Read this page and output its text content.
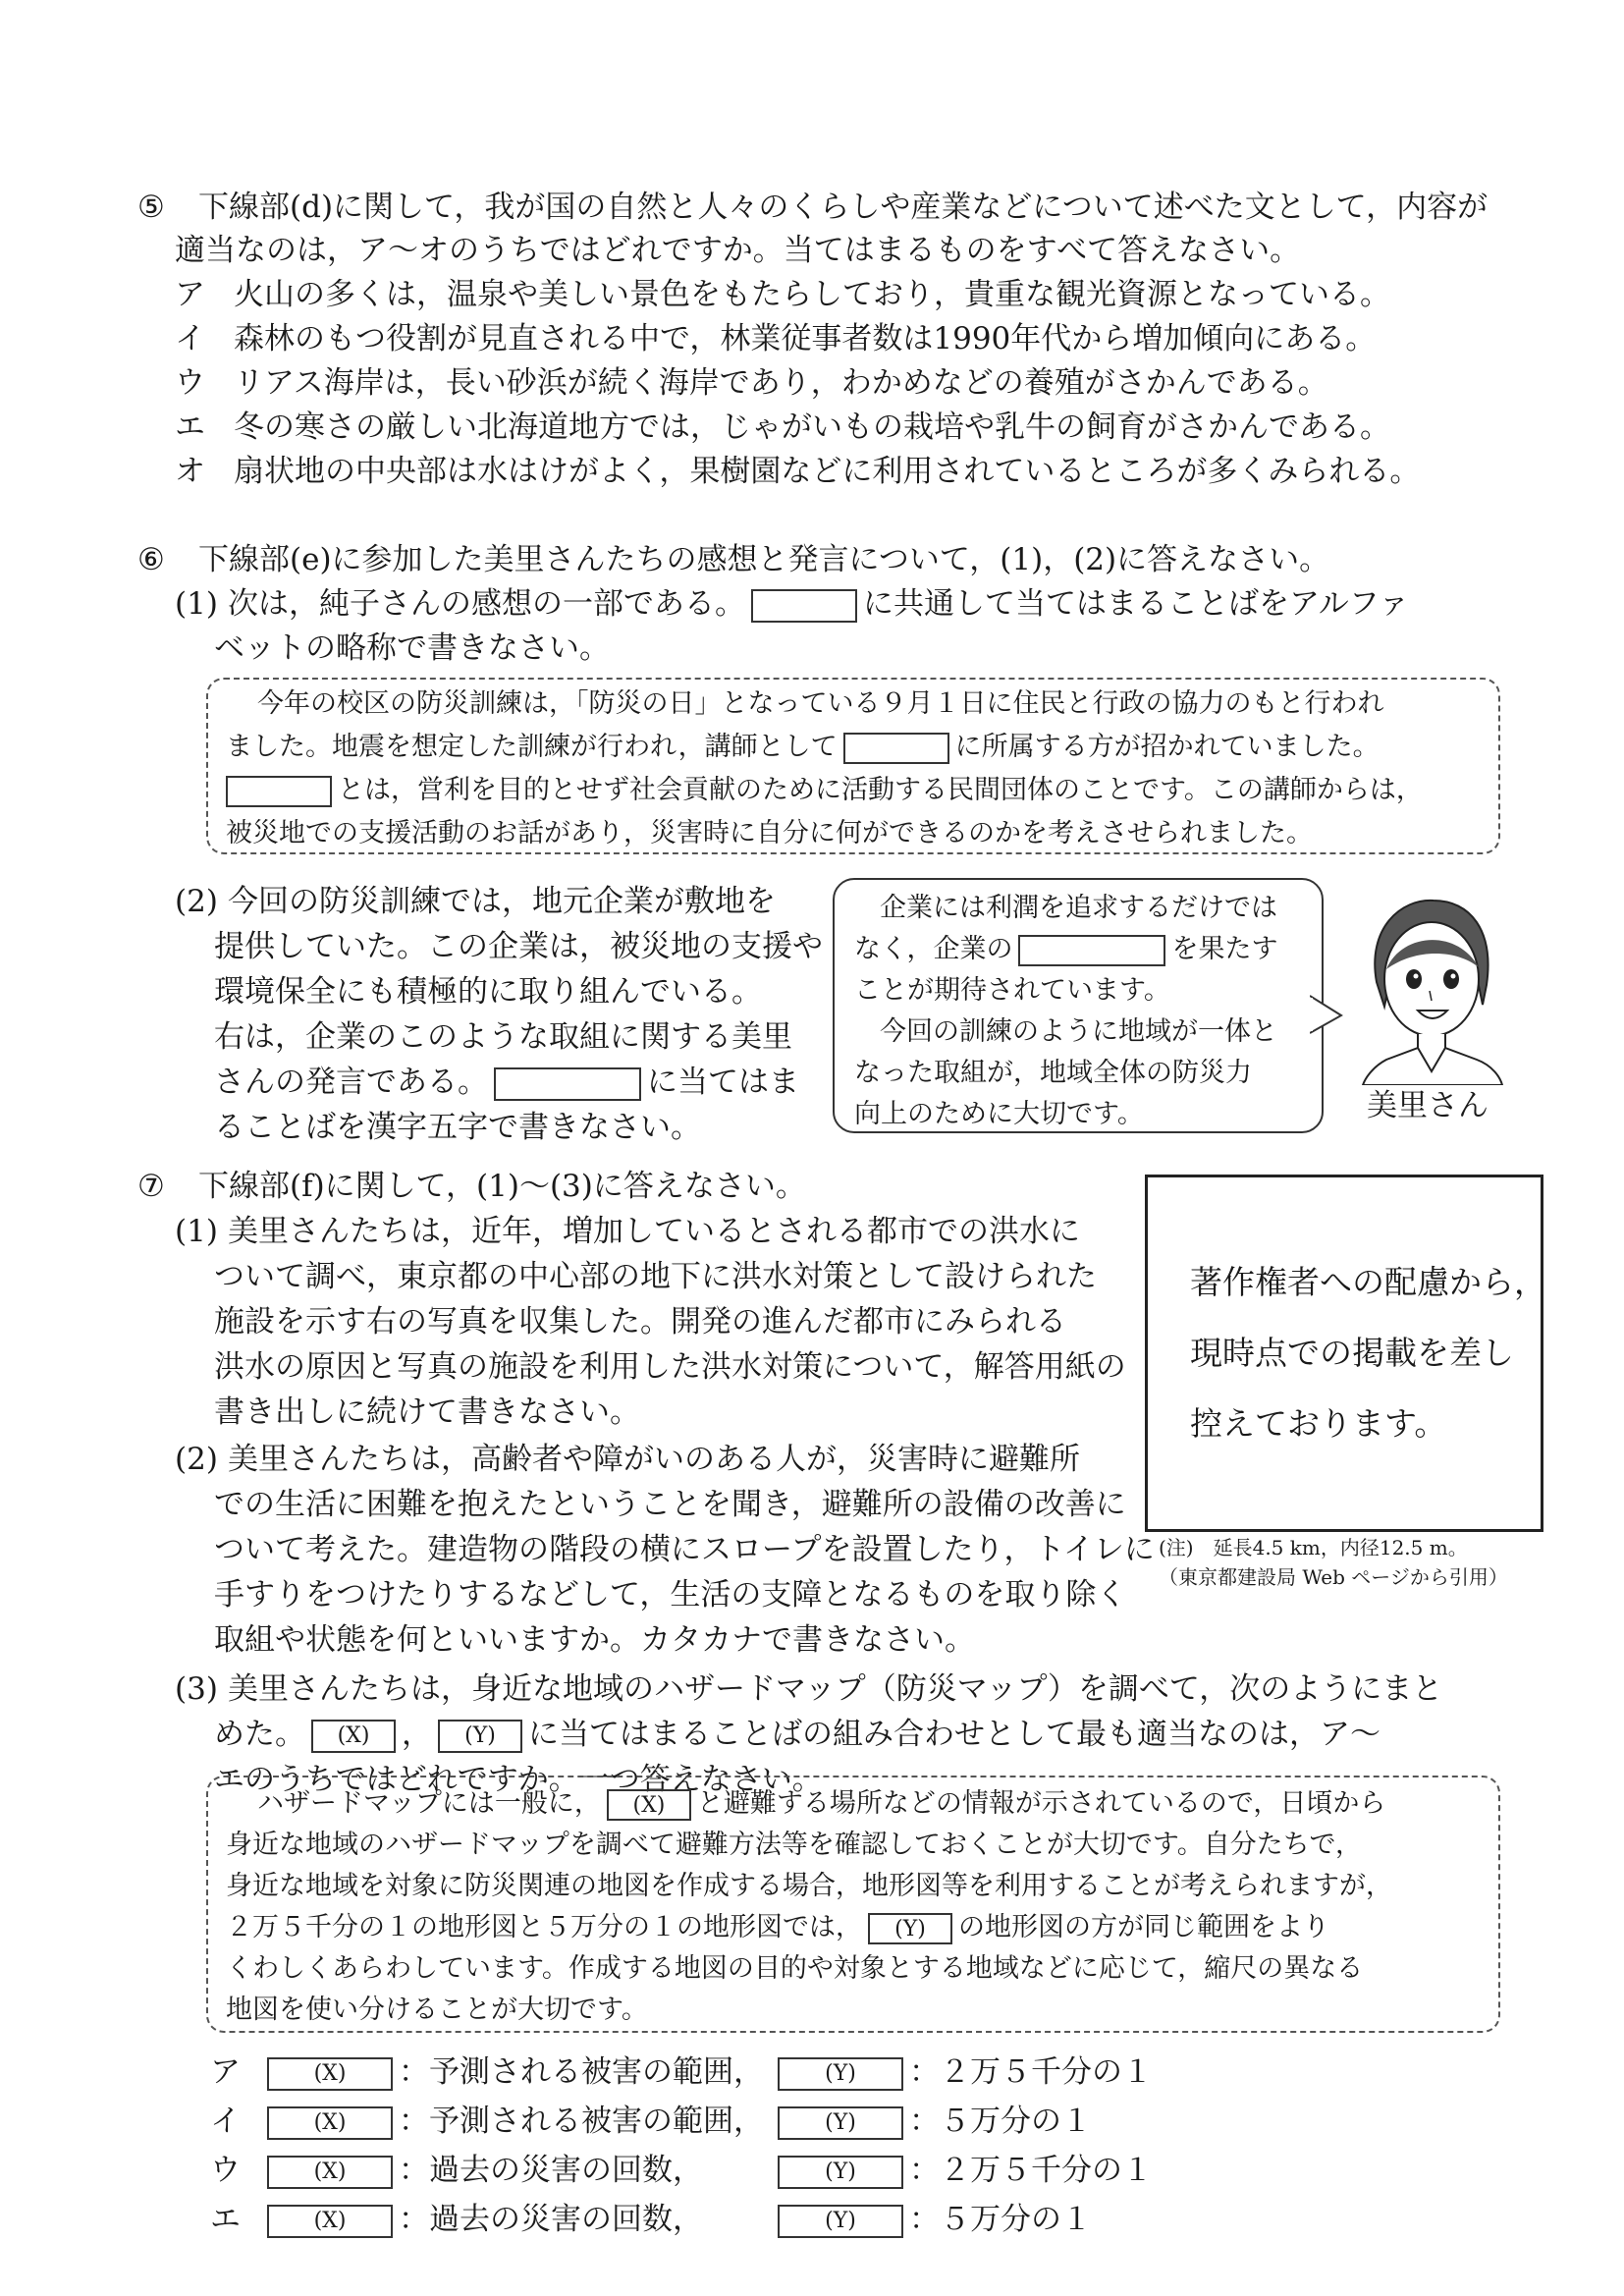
⑤ 下線部(d)に関して，我が国の自然と人々のくらしや産業などについて述べた文として，内容が
適当なのは，ア～オのうちではどれですか。当てはまるものをすべて答えなさい。
ア 火山の多くは，温泉や美しい景色をもたらしており，貴重な観光資源となっている。
イ 森林のもつ役割が見直される中で，林業従事者数は1990年代から増加傾向にある。
ウ リアス海岸は，長い砂浜が続く海岸であり，わかめなどの養殖がさかんである。
エ 冬の寒さの厳しい北海道地方では，じゃがいもの栽培や乳牛の飼育がさかんである。
オ 扇状地の中央部は水はけがよく，果樹園などに利用されているところが多くみられる。
⑥ 下線部(e)に参加した美里さんたちの感想と発言について，(1)，(2)に答えなさい。
(1) 次は，純子さんの感想の一部である。	に共通して当てはまることばをアルファ
ベットの略称で書きなさい。
今年の校区の防災訓練は，「防災の日」となっている９月１日に住民と行政の協力のもと行われ
ました。地震を想定した訓練が行われ，講師として	に所属する方が招かれていました。
とは，営利を目的とせず社会貢献のために活動する民間団体のことです。この講師からは，
被災地での支援活動のお話があり，災害時に自分に何ができるのかを考えさせられました。
(2) 今回の防災訓練では，地元企業が敷地を
提供していた。この企業は，被災地の支援や
環境保全にも積極的に取り組んでいる。
右は，企業のこのような取組に関する美里
さんの発言である。	に当てはま
ることばを漢字五字で書きなさい。
企業には利潤を追求するだけでは
なく，企業の	を果たす
ことが期待されています。
今回の訓練のように地域が一体と
なった取組が，地域全体の防災力
向上のために大切です。	美里さん
⑦ 下線部(f)に関して，(1)～(3)に答えなさい。
(1) 美里さんたちは，近年，増加しているとされる都市での洪水に
ついて調べ，東京都の中心部の地下に洪水対策として設けられた
施設を示す右の写真を収集した。開発の進んだ都市にみられる
洪水の原因と写真の施設を利用した洪水対策について，解答用紙の
書き出しに続けて書きなさい。
(2) 美里さんたちは，高齢者や障がいのある人が，災害時に避難所
での生活に困難を抱えたということを聞き，避難所の設備の改善に
ついて考えた。建造物の階段の横にスロープを設置したり，トイレに
手すりをつけたりするなどして，生活の支障となるものを取り除く
取組や状態を何といいますか。カタカナで書きなさい。
著作権者への配慮から，
現時点での掲載を差し
控えております。
(注)　延長4.5 km，内径12.5 m。
（東京都建設局 Web ページから引用）
(3) 美里さんたちは，身近な地域のハザードマップ（防災マップ）を調べて，次のようにまと
めた。 (X) ， (Y) に当てはまることばの組み合わせとして最も適当なのは，ア～
エのうちではどれですか。一つ答えなさい。
ハザードマップには一般に， (X) と避難する場所などの情報が示されているので，日頃から
身近な地域のハザードマップを調べて避難方法等を確認しておくことが大切です。自分たちで，
身近な地域を対象に防災関連の地図を作成する場合，地形図等を利用することが考えられますが，
２万５千分の１の地形図と５万分の１の地形図では， (Y) の地形図の方が同じ範囲をより
くわしくあらわしています。作成する地図の目的や対象とする地域などに応じて，縮尺の異なる
地図を使い分けることが大切です。
ア	(X) ：予測される被害の範囲，	(Y) ：２万５千分の１
イ	(X) ：予測される被害の範囲，	(Y) ：５万分の１
ウ	(X) ：過去の災害の回数，	(Y) ：２万５千分の１
エ	(X) ：過去の災害の回数，	(Y) ：５万分の１
